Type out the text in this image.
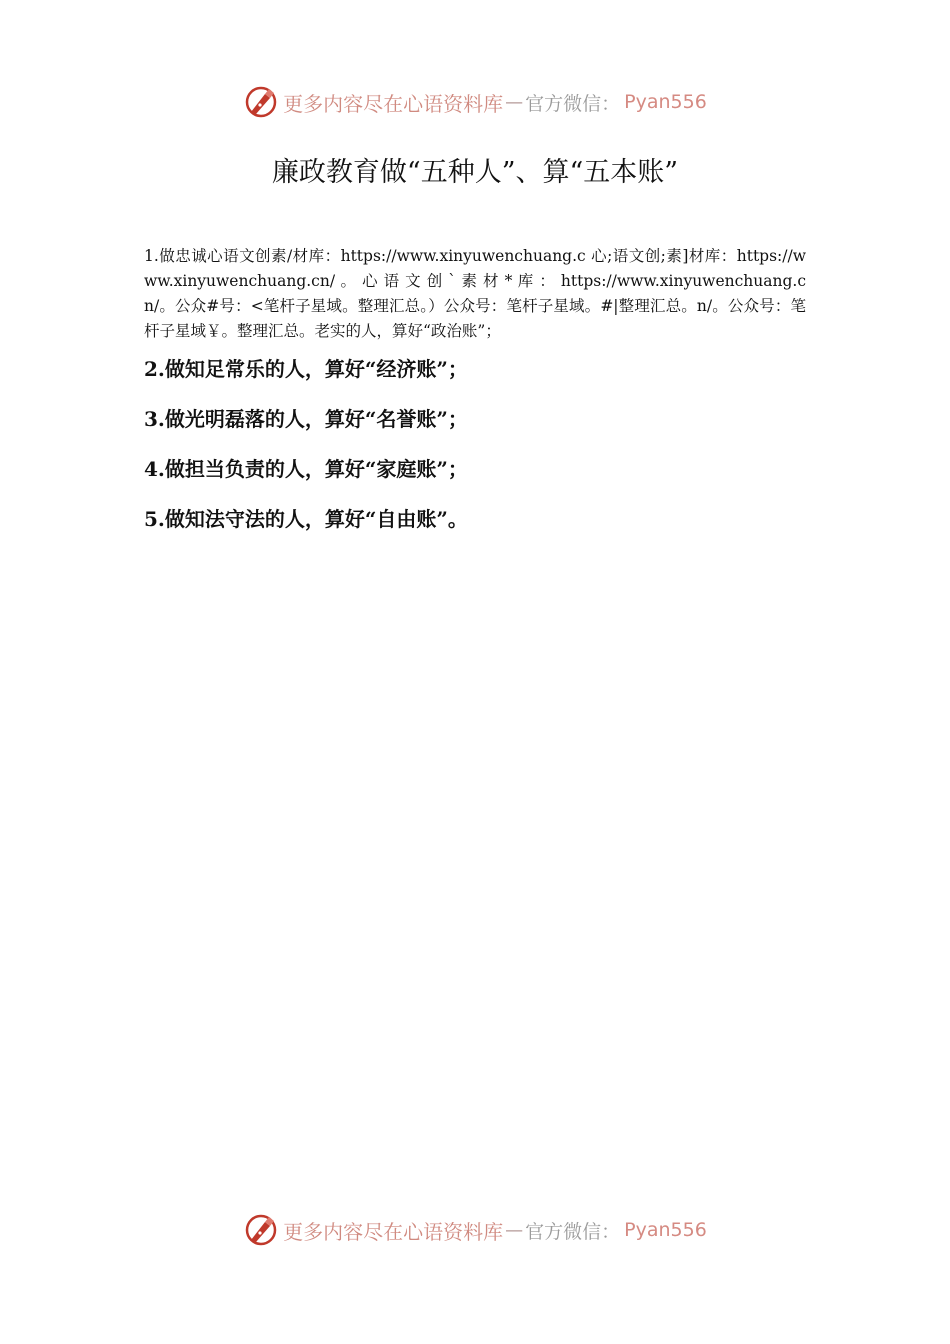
更多内容尽在心语资料库 — 官方微信： Pyan556
廉政教育做“五种人”、算“五本账”

1.做忠诚心语文创素/材库：https://www.xinyuwenchuang.c 心;语文创;素]材库：https://www.xinyuwenchuang.cn/ 。 心 语 文 创 ` 素 材 * 库 ： https://www.xinyuwenchuang.cn/。公众#号：<笔杆子星域。整理汇总。）公众号：笔杆子星域。#|整理汇总。n/。公众号：笔杆子星域￥。整理汇总。老实的人，算好“政治账”；

2.做知足常乐的人，算好“经济账”；

3.做光明磊落的人，算好“名誉账”；

4.做担当负责的人，算好“家庭账”；

5.做知法守法的人，算好“自由账”。

更多内容尽在心语资料库 — 官方微信： Pyan556
